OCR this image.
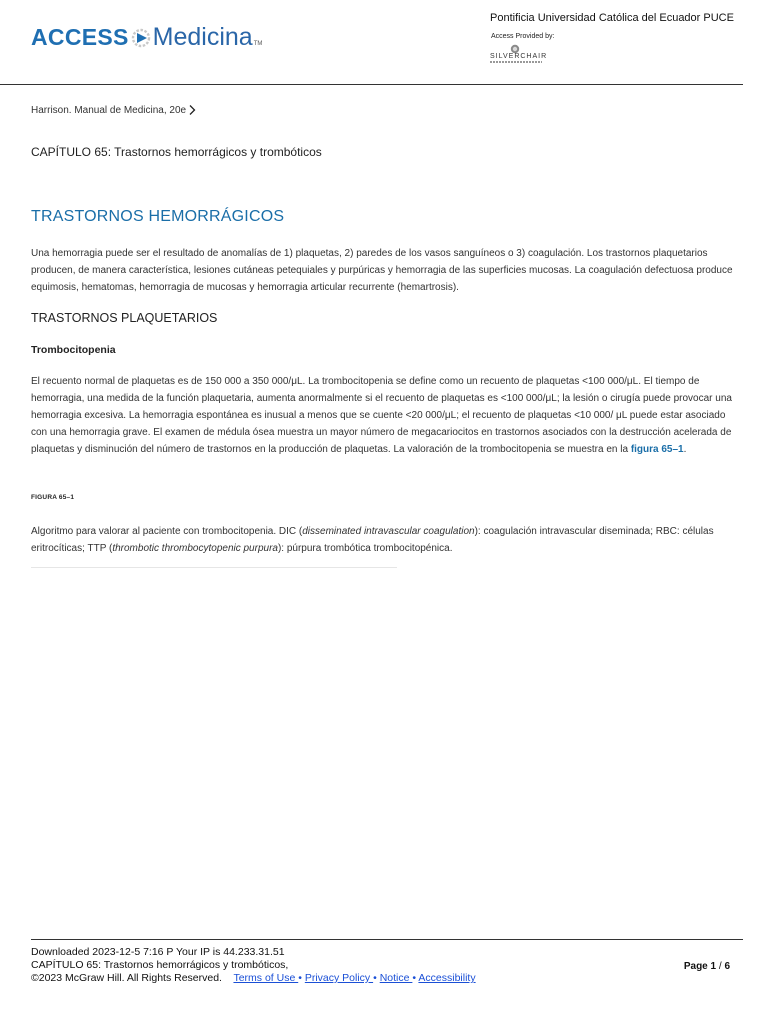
ACCESS Medicina TM
Pontificia Universidad Católica del Ecuador PUCE
Access Provided by:
SILVERCHAIR
Harrison. Manual de Medicina, 20e
CAPÍTULO 65: Trastornos hemorrágicos y trombóticos
TRASTORNOS HEMORRÁGICOS

Una hemorragia puede ser el resultado de anomalías de 1) plaquetas, 2) paredes de los vasos sanguíneos o 3) coagulación. Los trastornos plaquetarios producen, de manera característica, lesiones cutáneas petequiales y purpúricas y hemorragia de las superficies mucosas. La coagulación defectuosa produce equimosis, hematomas, hemorragia de mucosas y hemorragia articular recurrente (hemartrosis).

TRASTORNOS PLAQUETARIOS
Trombocitopenia

El recuento normal de plaquetas es de 150 000 a 350 000/μL. La trombocitopenia se define como un recuento de plaquetas <100 000/μL. El tiempo de hemorragia, una medida de la función plaquetaria, aumenta anormalmente si el recuento de plaquetas es <100 000/μL; la lesión o cirugía puede provocar una hemorragia excesiva. La hemorragia espontánea es inusual a menos que se cuente <20 000/μL; el recuento de plaquetas <10 000/ μL puede estar asociado con una hemorragia grave. El examen de médula ósea muestra un mayor número de megacariocitos en trastornos asociados con la destrucción acelerada de plaquetas y disminución del número de trastornos en la producción de plaquetas. La valoración de la trombocitopenia se muestra en la figura 65–1.

FIGURA 65–1

Algoritmo para valorar al paciente con trombocitopenia. DIC (disseminated intravascular coagulation): coagulación intravascular diseminada; RBC: células eritrocíticas; TTP (thrombotic thrombocytopenic purpura): púrpura trombótica trombocitopénica.

Downloaded 2023-12-5 7:16 P Your IP is 44.233.31.51
CAPÍTULO 65: Trastornos hemorrágicos y trombóticos,
©2023 McGraw Hill. All Rights Reserved. Terms of Use • Privacy Policy • Notice • Accessibility
Page 1 / 6
